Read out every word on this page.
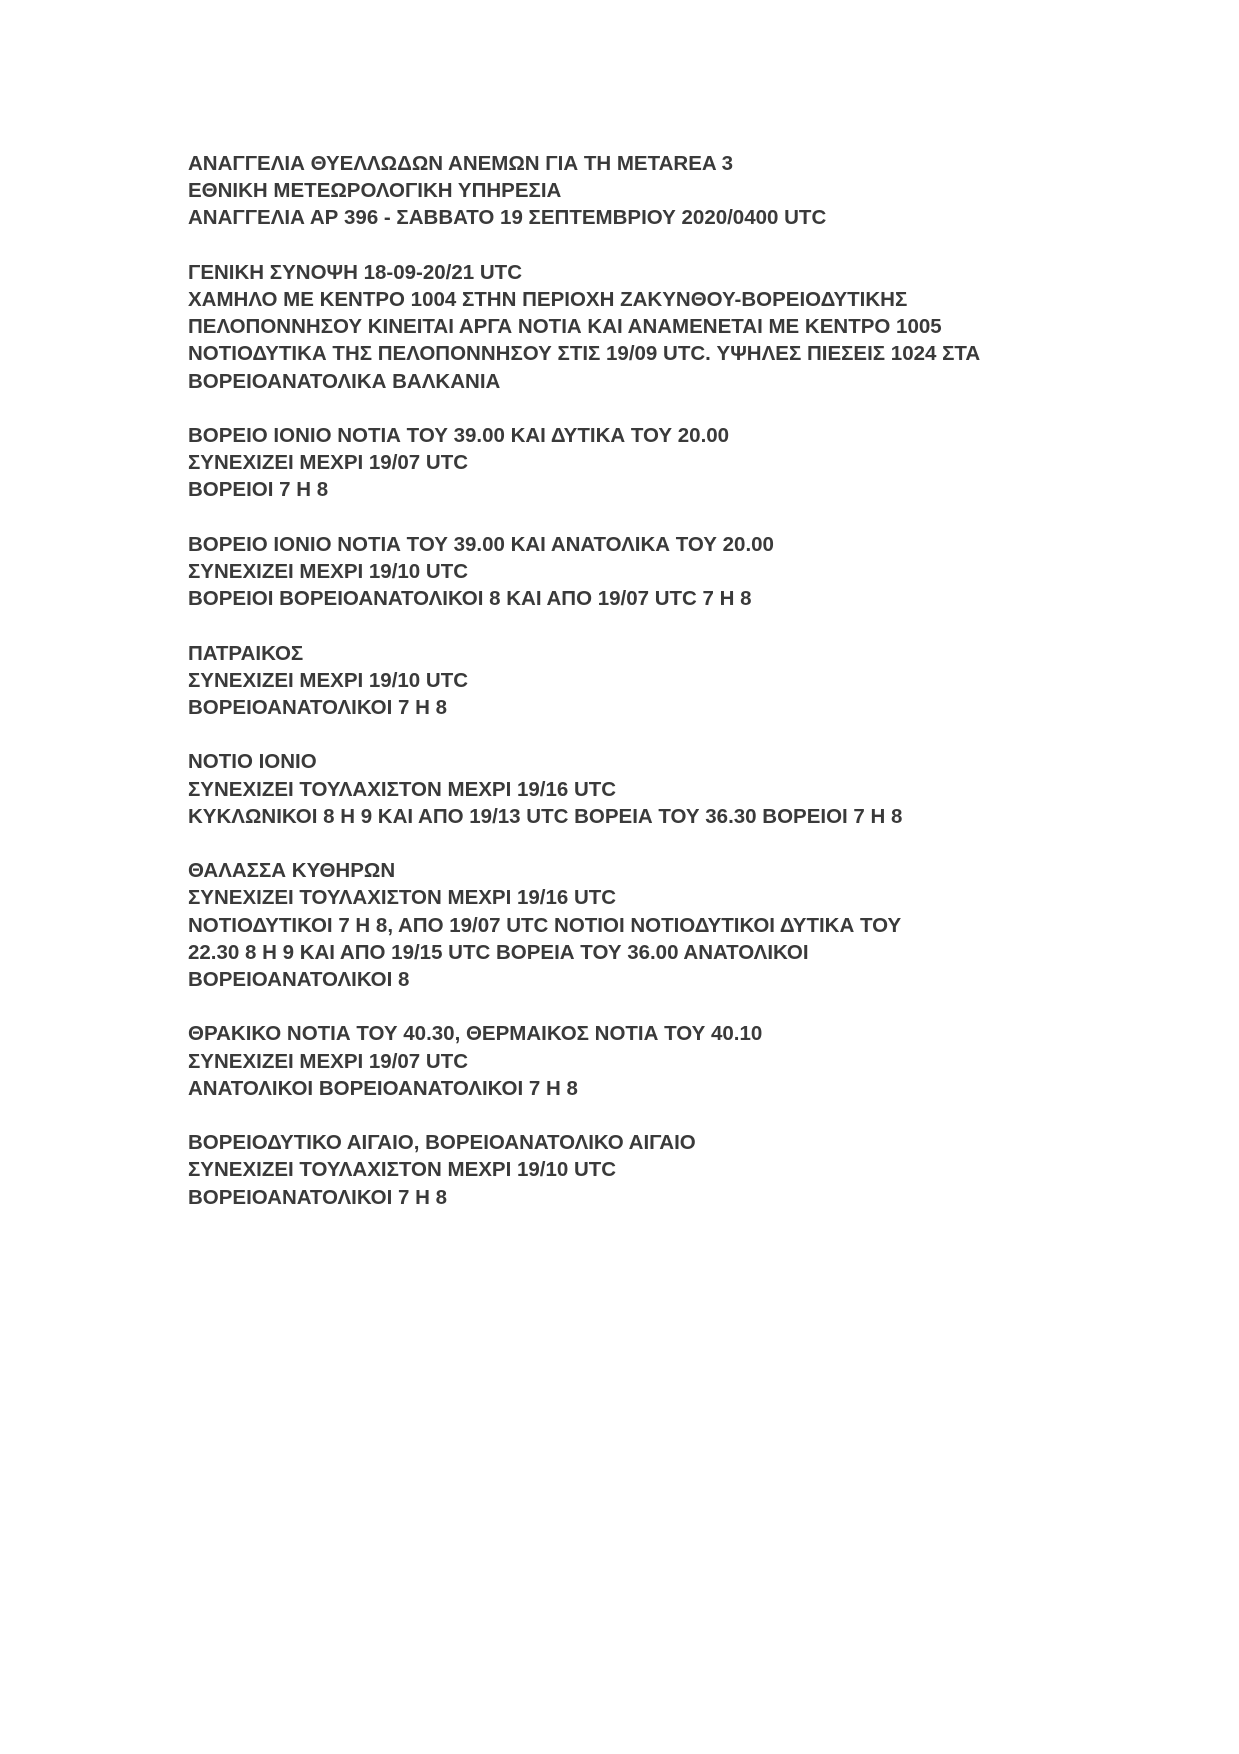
ΑΝΑΓΓΕΛΙΑ ΘΥΕΛΛΩΔΩΝ ΑΝΕΜΩΝ ΓΙΑ ΤΗ METAREA 3
ΕΘΝΙΚΗ ΜΕΤΕΩΡΟΛΟΓΙΚΗ ΥΠΗΡΕΣΙΑ
ΑΝΑΓΓΕΛΙΑ ΑΡ 396 - ΣΑΒΒΑΤΟ 19 ΣΕΠΤΕΜΒΡΙΟΥ 2020/0400 UTC
ΓΕΝΙΚΗ ΣΥΝΟΨΗ 18-09-20/21 UTC
ΧΑΜΗΛΟ ΜΕ ΚΕΝΤΡΟ 1004 ΣΤΗΝ ΠΕΡΙΟΧΗ ΖΑΚΥΝΘΟΥ-ΒΟΡΕΙΟΔΥΤΙΚΗΣ
ΠΕΛΟΠΟΝΝΗΣΟΥ ΚΙΝΕΙΤΑΙ ΑΡΓΑ ΝΟΤΙΑ ΚΑΙ ΑΝΑΜΕΝΕΤΑΙ ΜΕ ΚΕΝΤΡΟ 1005
ΝΟΤΙΟΔΥΤΙΚΑ ΤΗΣ ΠΕΛΟΠΟΝΝΗΣΟΥ ΣΤΙΣ 19/09 UTC. ΥΨΗΛΕΣ ΠΙΕΣΕΙΣ 1024 ΣΤΑ
ΒΟΡΕΙΟΑΝΑΤΟΛΙΚΑ ΒΑΛΚΑΝΙΑ
ΒΟΡΕΙΟ ΙΟΝΙΟ ΝΟΤΙΑ ΤΟΥ 39.00 ΚΑΙ ΔΥΤΙΚΑ ΤΟΥ 20.00
ΣΥΝΕΧΙΖΕΙ ΜΕΧΡΙ 19/07 UTC
ΒΟΡΕΙΟΙ 7 Η 8
ΒΟΡΕΙΟ ΙΟΝΙΟ ΝΟΤΙΑ ΤΟΥ 39.00 ΚΑΙ ΑΝΑΤΟΛΙΚΑ ΤΟΥ 20.00
ΣΥΝΕΧΙΖΕΙ ΜΕΧΡΙ 19/10 UTC
ΒΟΡΕΙΟΙ ΒΟΡΕΙΟΑΝΑΤΟΛΙΚΟΙ 8 ΚΑΙ ΑΠΟ 19/07 UTC 7 Η 8
ΠΑΤΡΑΙΚΟΣ
ΣΥΝΕΧΙΖΕΙ ΜΕΧΡΙ 19/10 UTC
ΒΟΡΕΙΟΑΝΑΤΟΛΙΚΟΙ 7 Η 8
ΝΟΤΙΟ ΙΟΝΙΟ
ΣΥΝΕΧΙΖΕΙ ΤΟΥΛΑΧΙΣΤΟΝ ΜΕΧΡΙ 19/16 UTC
ΚΥΚΛΩΝΙΚΟΙ 8 Η 9 ΚΑΙ ΑΠΟ 19/13 UTC ΒΟΡΕΙΑ ΤΟΥ 36.30 ΒΟΡΕΙΟΙ 7 Η 8
ΘΑΛΑΣΣΑ ΚΥΘΗΡΩΝ
ΣΥΝΕΧΙΖΕΙ ΤΟΥΛΑΧΙΣΤΟΝ ΜΕΧΡΙ 19/16 UTC
ΝΟΤΙΟΔΥΤΙΚΟΙ 7 Η 8, ΑΠΟ 19/07 UTC ΝΟΤΙΟΙ ΝΟΤΙΟΔΥΤΙΚΟΙ ΔΥΤΙΚΑ ΤΟΥ
22.30 8 Η 9 ΚΑΙ ΑΠΟ 19/15 UTC ΒΟΡΕΙΑ ΤΟΥ 36.00 ΑΝΑΤΟΛΙΚΟΙ
ΒΟΡΕΙΟΑΝΑΤΟΛΙΚΟΙ 8
ΘΡΑΚΙΚΟ ΝΟΤΙΑ ΤΟΥ 40.30, ΘΕΡΜΑΙΚΟΣ ΝΟΤΙΑ ΤΟΥ 40.10
ΣΥΝΕΧΙΖΕΙ ΜΕΧΡΙ 19/07 UTC
ΑΝΑΤΟΛΙΚΟΙ ΒΟΡΕΙΟΑΝΑΤΟΛΙΚΟΙ 7 Η 8
ΒΟΡΕΙΟΔΥΤΙΚΟ ΑΙΓΑΙΟ, ΒΟΡΕΙΟΑΝΑΤΟΛΙΚΟ ΑΙΓΑΙΟ
ΣΥΝΕΧΙΖΕΙ ΤΟΥΛΑΧΙΣΤΟΝ ΜΕΧΡΙ 19/10 UTC
ΒΟΡΕΙΟΑΝΑΤΟΛΙΚΟΙ 7 Η 8
